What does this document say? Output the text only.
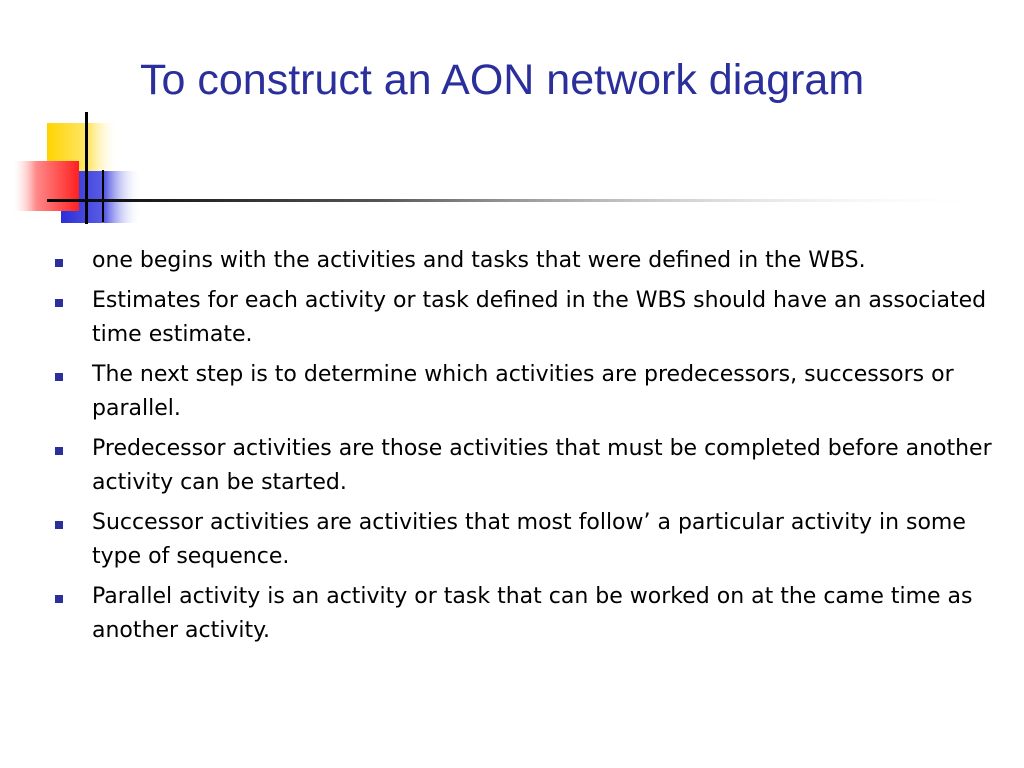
To construct an AON network diagram
one begins with the activities and tasks that were defined in the WBS.
Estimates for each activity or task defined in the WBS should have an associated time estimate.
The next step is to determine which activities are predecessors, successors or parallel.
Predecessor activities are those activities that must be completed before another activity can be started.
Successor activities are activities that most follow’ a particular activity in some type of sequence.
Parallel activity is an activity or task that can be worked on at the came time as another activity.
